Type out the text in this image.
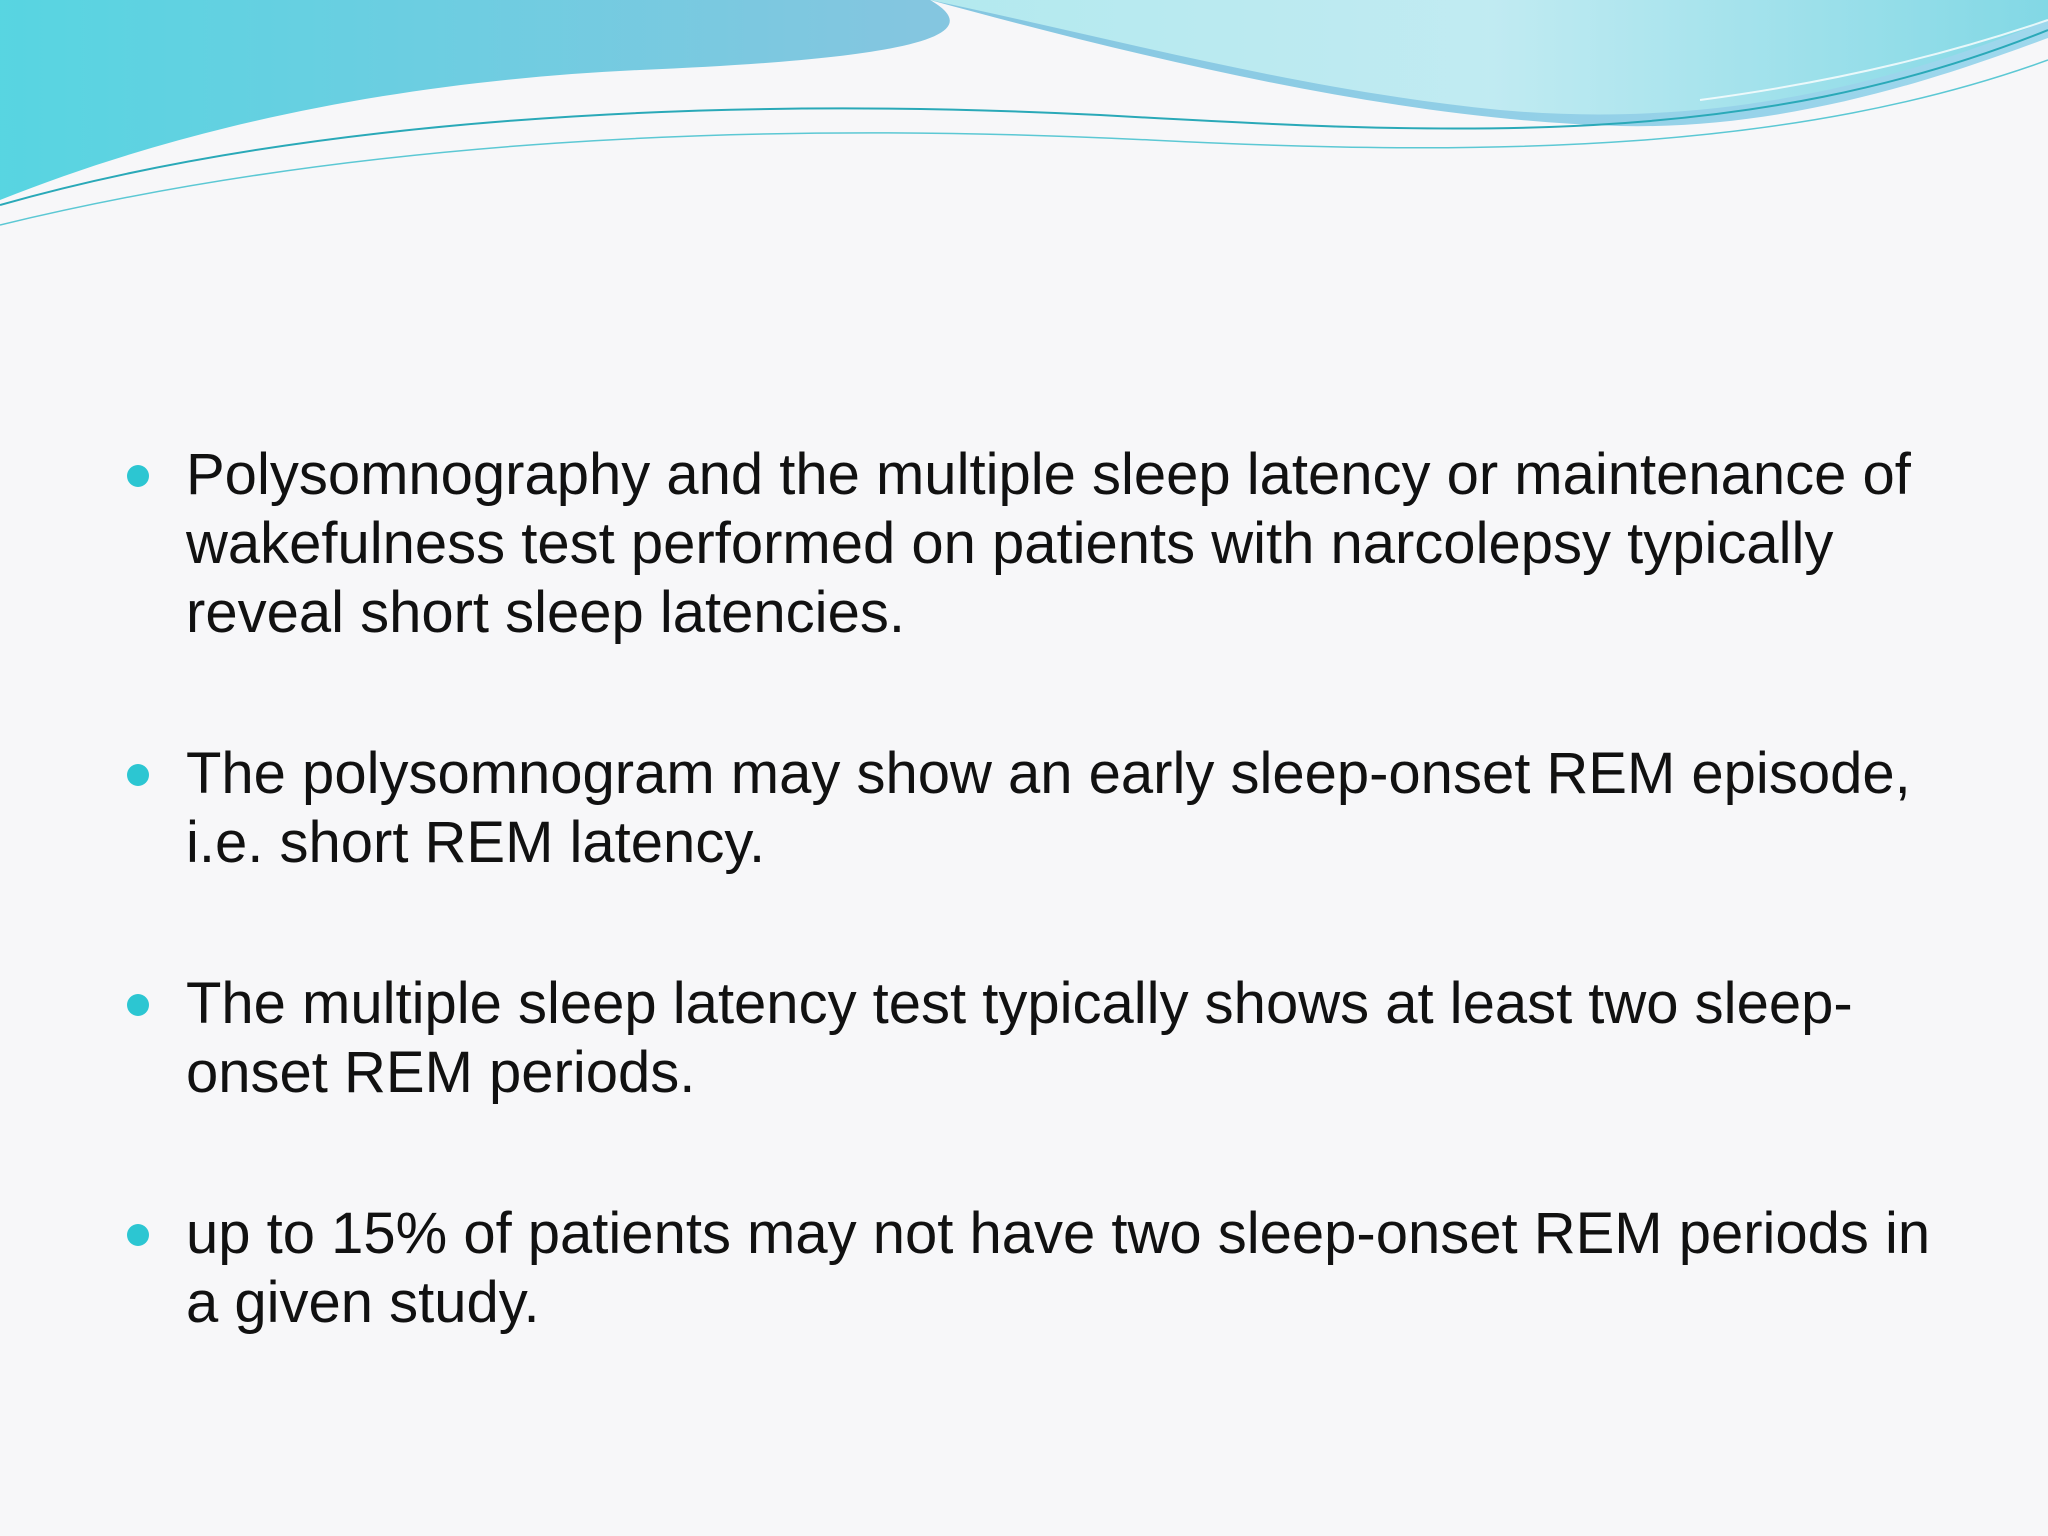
Polysomnography and the multiple sleep latency or maintenance of wakefulness test performed on patients with narcolepsy typically reveal short sleep latencies.
The polysomnogram may show an early sleep-onset REM episode, i.e. short REM latency.
The multiple sleep latency test typically shows at least two sleep-onset REM periods.
up to 15% of patients may not have two sleep-onset REM periods in a given study.
